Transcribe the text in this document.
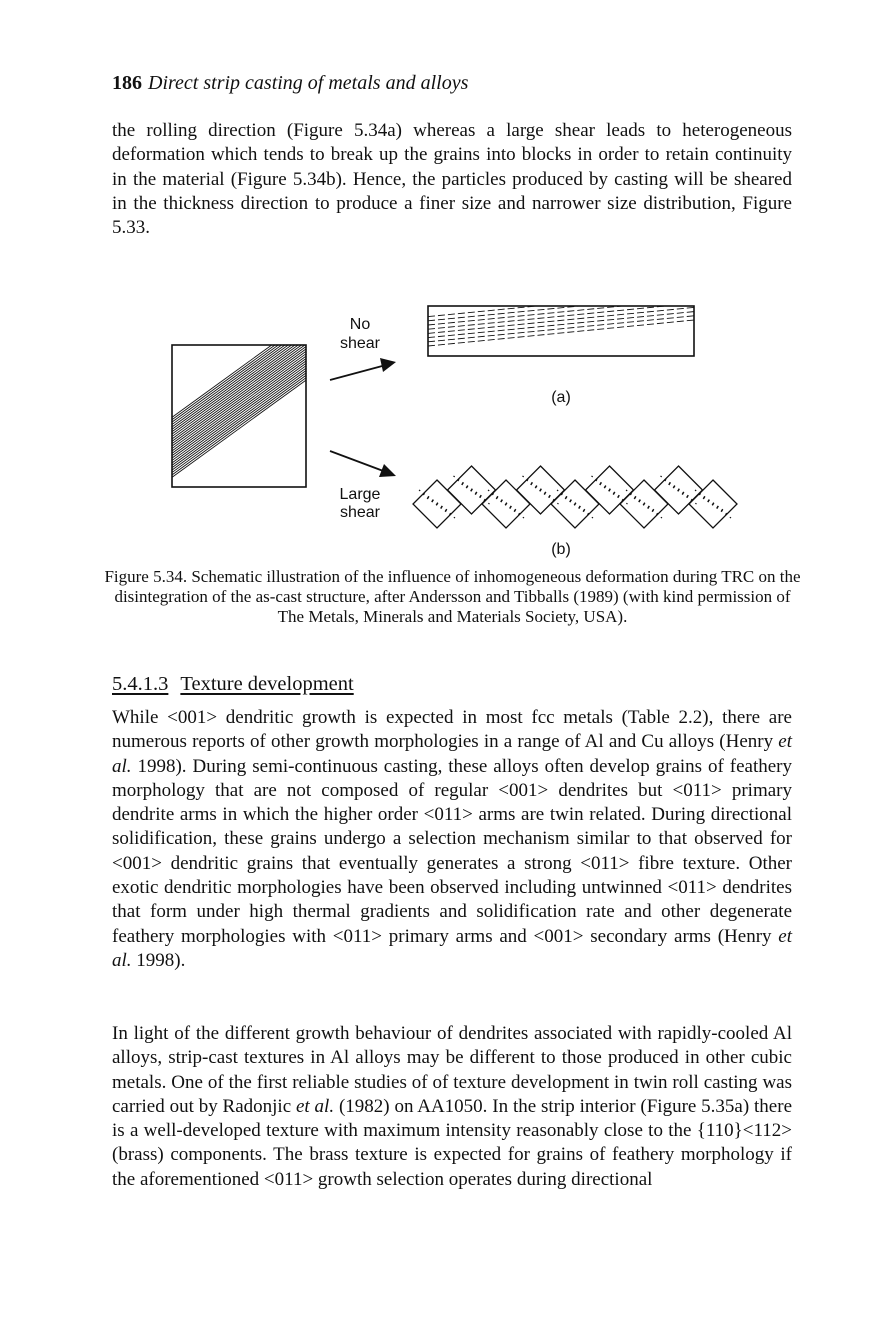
186 Direct strip casting of metals and alloys

the rolling direction (Figure 5.34a) whereas a large shear leads to heterogeneous deformation which tends to break up the grains into blocks in order to retain continuity in the material (Figure 5.34b). Hence, the particles produced by casting will be sheared in the thickness direction to produce a finer size and narrower size distribution, Figure 5.33.

No
shear
Large
shear
(a)
(b)

Figure 5.34. Schematic illustration of the influence of inhomogeneous deformation during TRC on the disintegration of the as-cast structure, after Andersson and Tibballs (1989) (with kind permission of The Metals, Minerals and Materials Society, USA).

5.4.1.3 Texture development

While <001> dendritic growth is expected in most fcc metals (Table 2.2), there are numerous reports of other growth morphologies in a range of Al and Cu alloys (Henry et al. 1998). During semi-continuous casting, these alloys often develop grains of feathery morphology that are not composed of regular <001> dendrites but <011> primary dendrite arms in which the higher order <011> arms are twin related. During directional solidification, these grains undergo a selection mechanism similar to that observed for <001> dendritic grains that eventually generates a strong <011> fibre texture. Other exotic dendritic morphologies have been observed including untwinned <011> dendrites that form under high thermal gradients and solidification rate and other degenerate feathery morphologies with <011> primary arms and <001> secondary arms (Henry et al. 1998).

In light of the different growth behaviour of dendrites associated with rapidly-cooled Al alloys, strip-cast textures in Al alloys may be different to those produced in other cubic metals. One of the first reliable studies of of texture development in twin roll casting was carried out by Radonjic et al. (1982) on AA1050. In the strip interior (Figure 5.35a) there is a well-developed texture with maximum intensity reasonably close to the {110}<112> (brass) components. The brass texture is expected for grains of feathery morphology if the aforementioned <011> growth selection operates during directional
